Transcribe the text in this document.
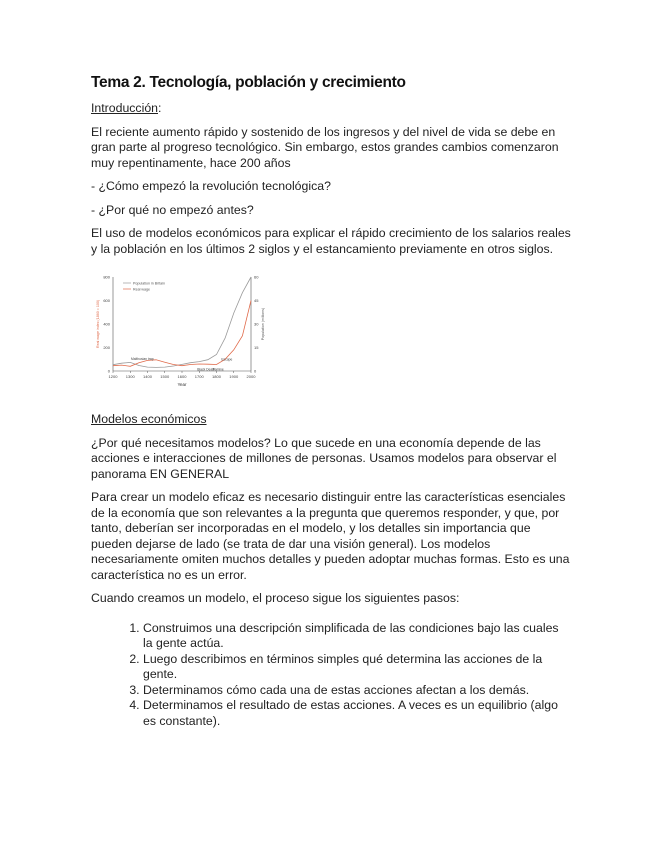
Tema 2. Tecnología, población y crecimiento

Introducción:

El reciente aumento rápido y sostenido de los ingresos y del nivel de vida se debe en gran parte al progreso tecnológico. Sin embargo, estos grandes cambios comenzaron muy repentinamente, hace 200 años

- ¿Cómo empezó la revolución tecnológica?

- ¿Por qué no empezó antes?

El uso de modelos económicos para explicar el rápido crecimiento de los salarios reales y la población en los últimos 2 siglos y el estancamiento previamente en otros siglos.

1200 1300 1400 1500 1600 1700 1800 1900 2000
0
200
400
600
800
0
15
30
45
60
Year
Real wage index (1860 = 100)	Population (millions)
Population in Britain
Real wage
Malthusian trap
Black Death
Famine
Escape

Modelos económicos

¿Por qué necesitamos modelos? Lo que sucede en una economía depende de las acciones e interacciones de millones de personas. Usamos modelos para observar el panorama EN GENERAL

Para crear un modelo eficaz es necesario distinguir entre las características esenciales de la economía que son relevantes a la pregunta que queremos responder, y que, por tanto, deberían ser incorporadas en el modelo, y los detalles sin importancia que pueden dejarse de lado (se trata de dar una visión general). Los modelos necesariamente omiten muchos detalles y pueden adoptar muchas formas. Esto es una característica no es un error.

Cuando creamos un modelo, el proceso sigue los siguientes pasos:

1. Construimos una descripción simplificada de las condiciones bajo las cuales la gente actúa.
2. Luego describimos en términos simples qué determina las acciones de la gente.
3. Determinamos cómo cada una de estas acciones afectan a los demás.
4. Determinamos el resultado de estas acciones. A veces es un equilibrio (algo es constante).
